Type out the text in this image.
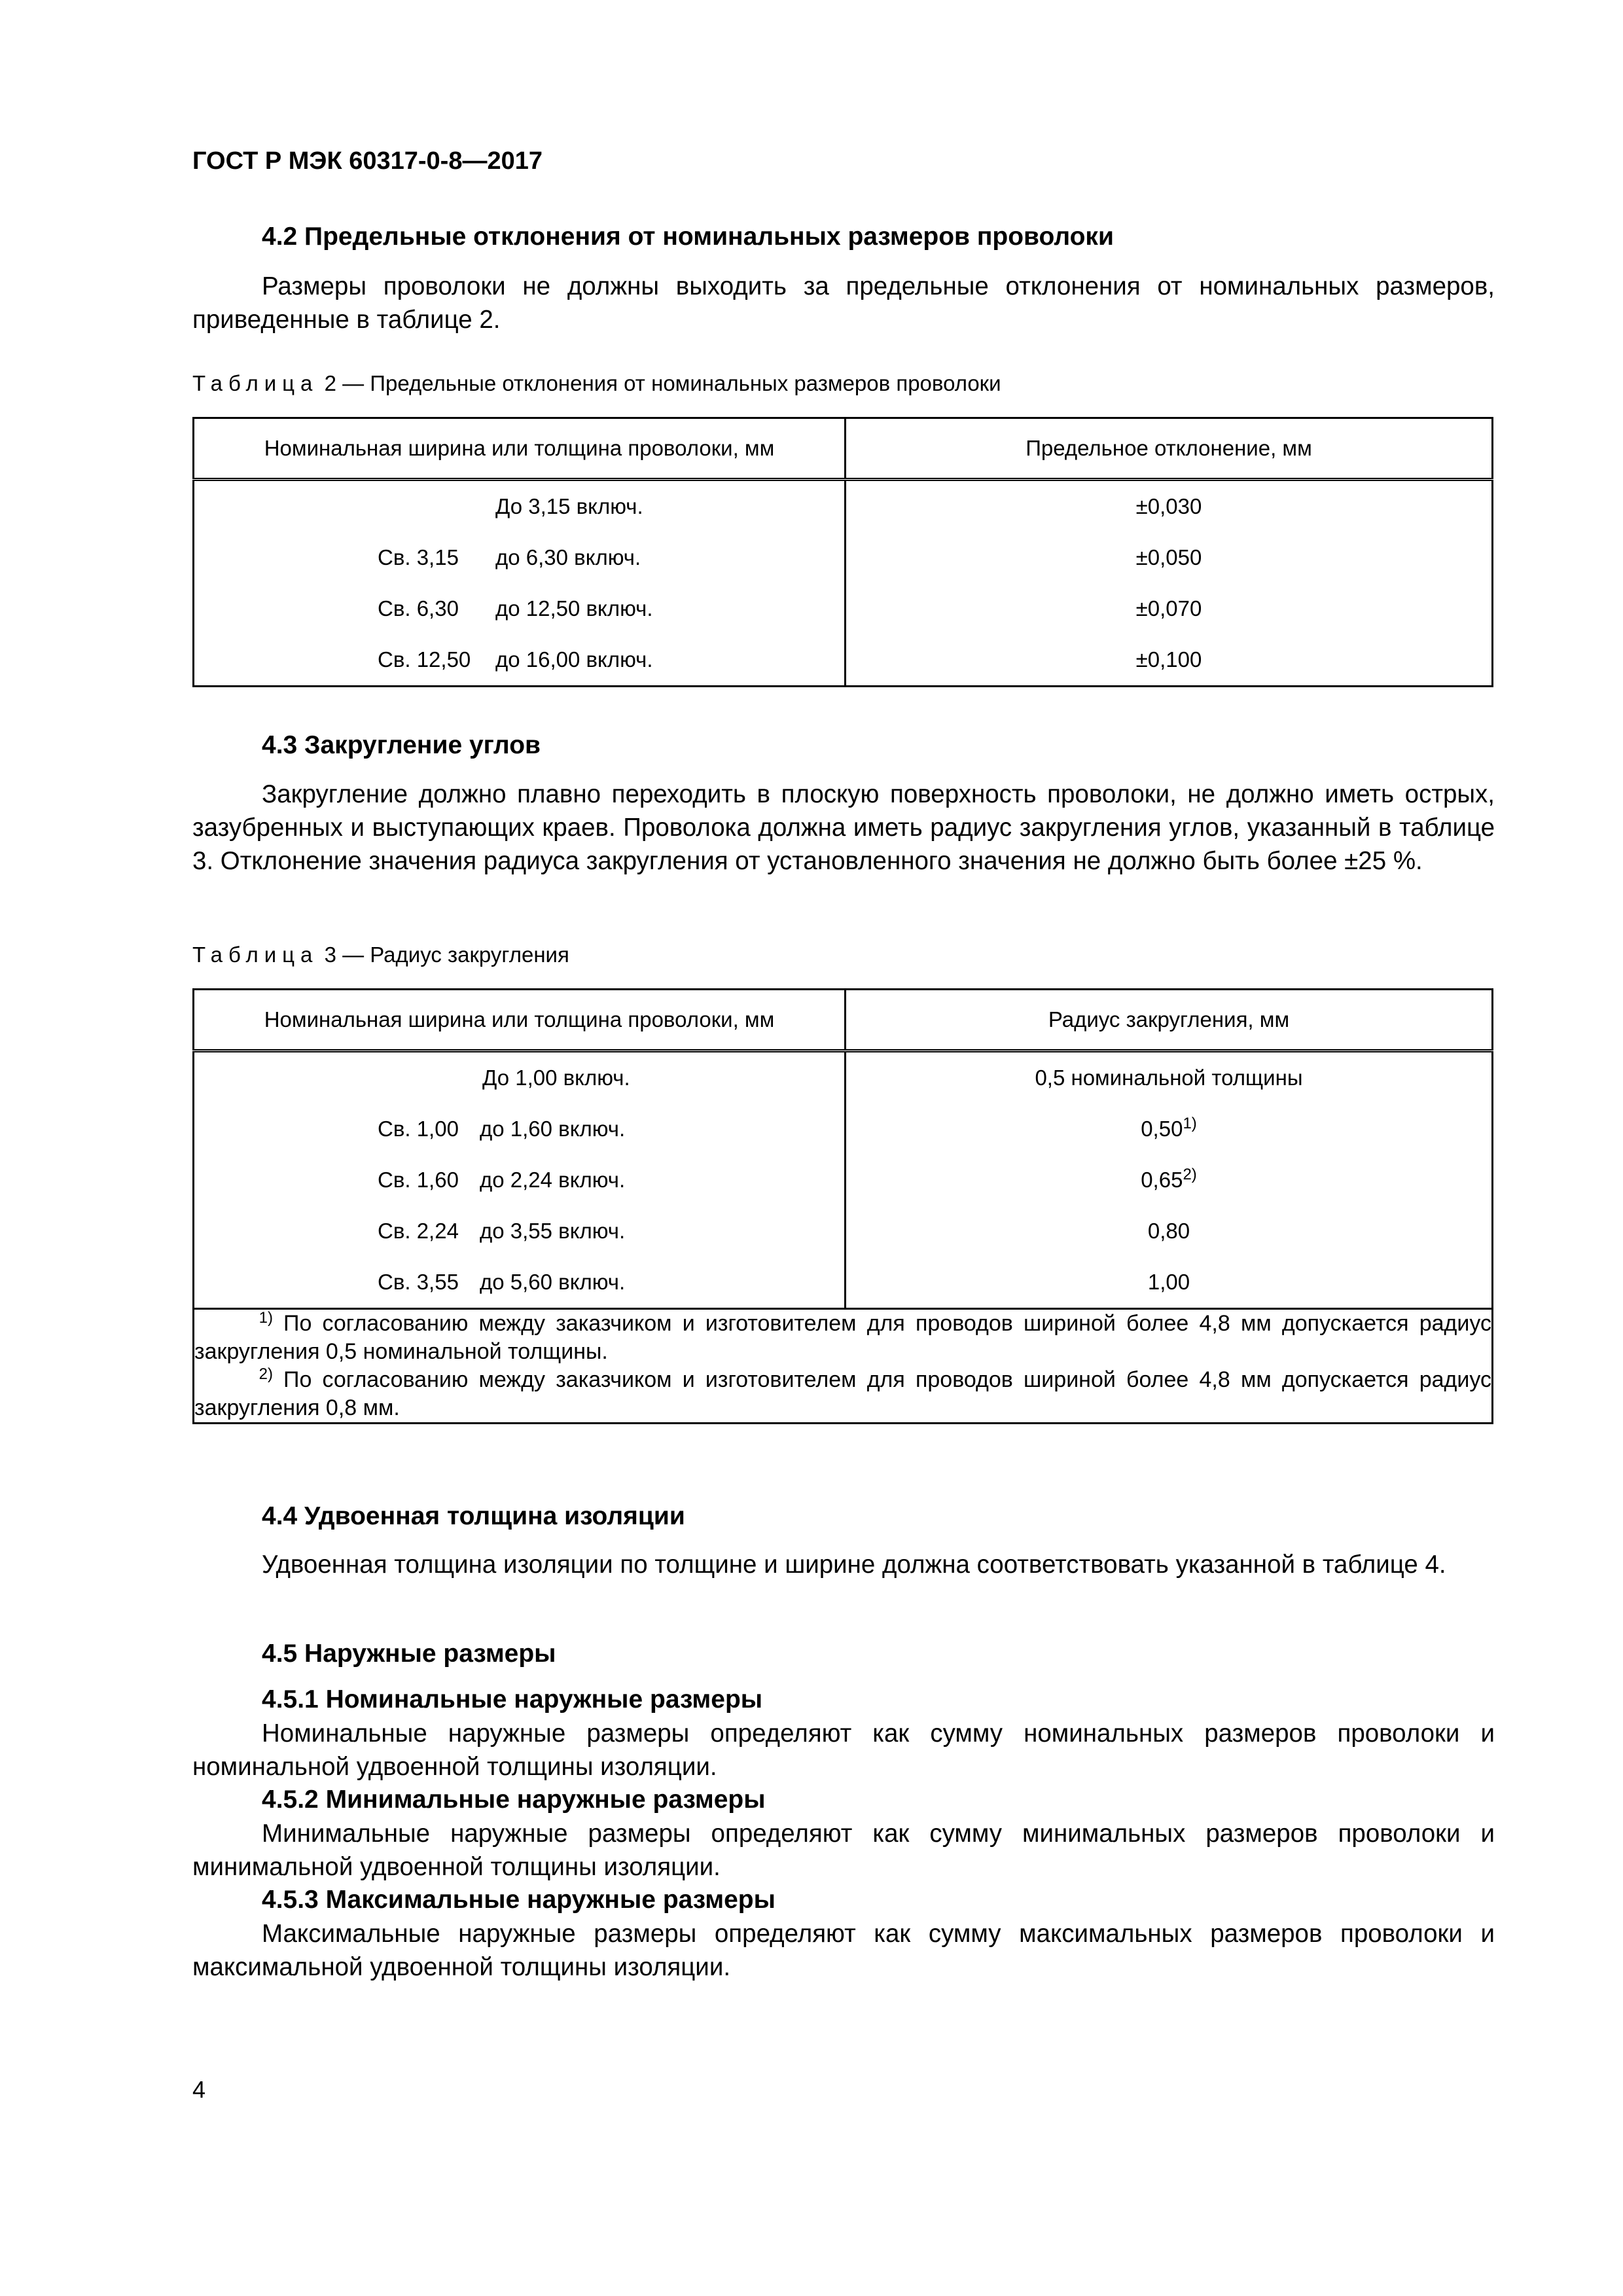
ГОСТ Р МЭК 60317-0-8—2017
4.2 Предельные отклонения от номинальных размеров проволоки

Размеры проволоки не должны выходить за предельные отклонения от номинальных размеров, приведенные в таблице 2.

Таблица 2 — Предельные отклонения от номинальных размеров проволоки
Номинальная ширина или толщина проволоки, мм	Предельное отклонение, мм

До 3,15 включ.	±0,030

Св. 3,15 до 6,30 включ.	±0,050

Св. 6,30 до 12,50 включ.	±0,070

Св. 12,50 до 16,00 включ.	±0,100
4.3 Закругление углов

Закругление должно плавно переходить в плоскую поверхность проволоки, не должно иметь острых, зазубренных и выступающих краев. Проволока должна иметь радиус закругления углов, указанный в таблице 3. Отклонение значения радиуса закругления от установленного значения не должно быть более ±25 %.

Таблица 3 — Радиус закругления
Номинальная ширина или толщина проволоки, мм	Радиус закругления, мм

До 1,00 включ.	0,5 номинальной толщины

Св. 1,00 до 1,60 включ.	0,50$^{1)}$

Св. 1,60 до 2,24 включ.	0,65$^{2)}$

Св. 2,24 до 3,55 включ.	0,80

Св. 3,55 до 5,60 включ.	1,00

$^{1)}$ По согласованию между заказчиком и изготовителем для проводов шириной более 4,8 мм допускается радиус закругления 0,5 номинальной толщины.
$^{2)}$ По согласованию между заказчиком и изготовителем для проводов шириной более 4,8 мм допускается радиус закругления 0,8 мм.	
4.4 Удвоенная толщина изоляции

Удвоенная толщина изоляции по толщине и ширине должна соответствовать указанной в таблице 4.

4.5 Наружные размеры
4.5.1 Номинальные наружные размеры

Номинальные наружные размеры определяют как сумму номинальных размеров проволоки и номинальной удвоенной толщины изоляции.

4.5.2 Минимальные наружные размеры

Минимальные наружные размеры определяют как сумму минимальных размеров проволоки и минимальной удвоенной толщины изоляции.

4.5.3 Максимальные наружные размеры

Максимальные наружные размеры определяют как сумму максимальных размеров проволоки и максимальной удвоенной толщины изоляции.

4
